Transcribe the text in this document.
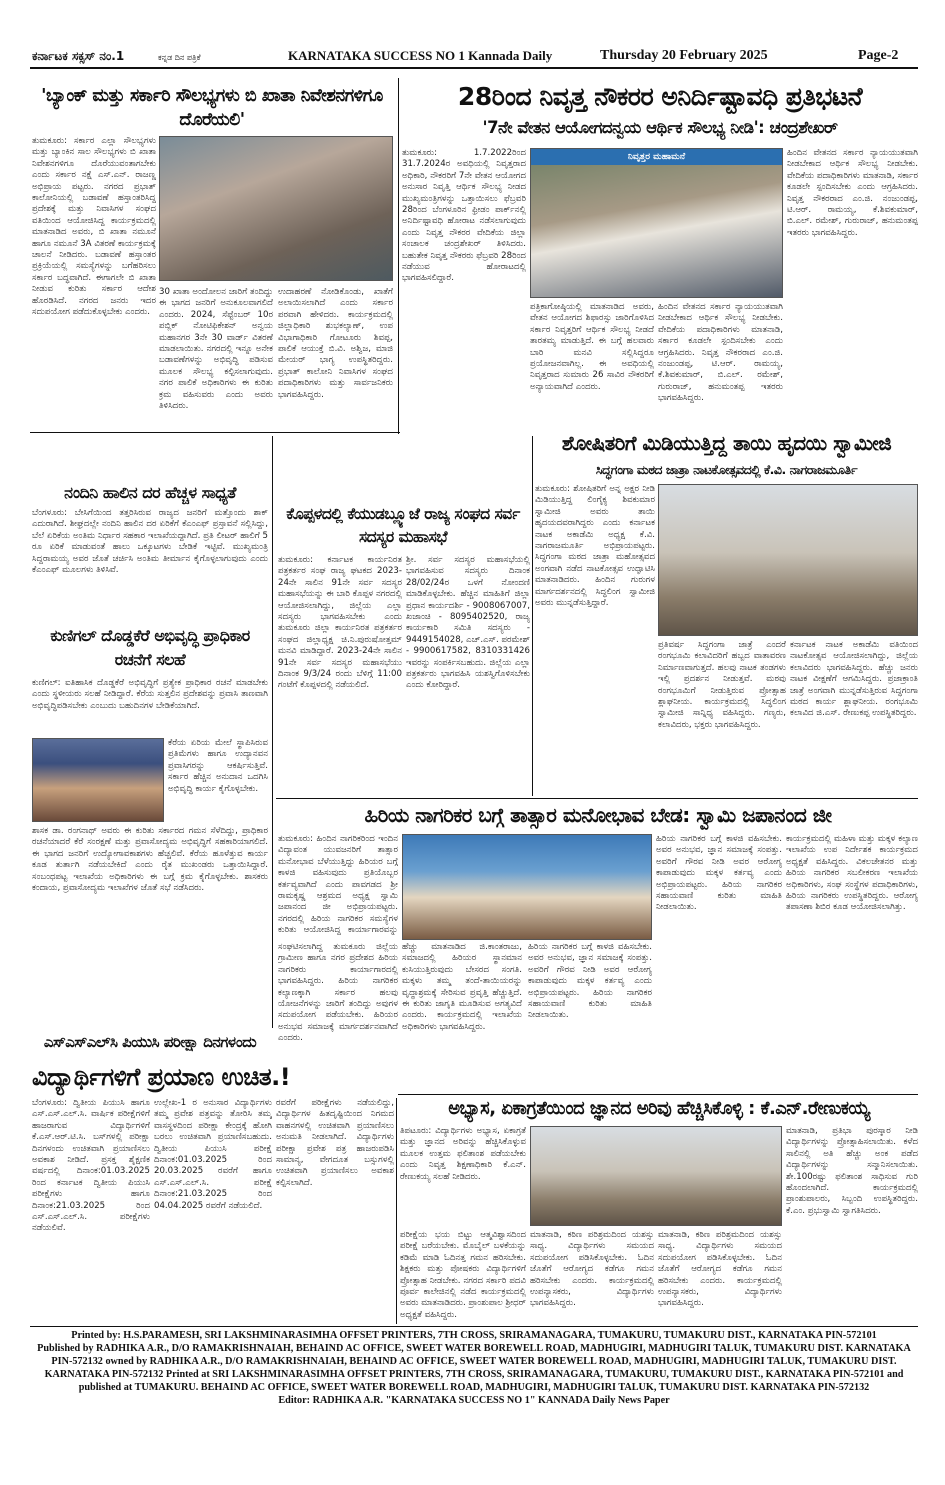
ಕರ್ನಾಟಕ ಸಕ್ಸಸ್ ನಂ.1	ಕನ್ನಡ ದಿನ ಪತ್ರಿಕೆ	KARNATAKA SUCCESS NO 1 Kannada Daily	Thursday 20 February 2025	Page-2
'ಬ್ಯಾಂಕ್ ಮತ್ತು ಸರ್ಕಾರಿ ಸೌಲಭ್ಯಗಳು ಬಿ ಖಾತಾ ನಿವೇಶನಗಳಿಗೂ ದೊರೆಯಲಿ'
ತುಮಕೂರು: ಸರ್ಕಾರ ಎಲ್ಲಾ ಸೌಲಭ್ಯಗಳು ಮತ್ತು ಬ್ಯಾಂಕಿನ ಸಾಲ ಸೌಲಭ್ಯಗಳು ಬಿ ಖಾತಾ ನಿವೇಶನಗಳಿಗೂ ದೊರೆಯುವಂತಾಗಬೇಕು ಎಂದು ಸರ್ಕಾರ ನಕ್ಷೆ ಎಸ್.ಎನ್. ರಾಜಣ್ಣ ಅಭಿಪ್ರಾಯ ಪಟ್ಟರು. ನಗರದ ಪ್ರಭಾತ್ ಕಾಲೋನಿಯಲ್ಲಿ ಬಡಾವಣೆ ಹಸ್ತಾಂತರಿಸಿದ್ದ ಪ್ರದೇಶಕ್ಕೆ ಮತ್ತು ನಿವಾಸಿಗಳ ಸಂಘದ ವತಿಯಿಂದ ಆಯೋಜಿಸಿದ್ದ ಕಾರ್ಯಕ್ರಮದಲ್ಲಿ ಮಾತನಾಡಿದ ಅವರು, ಬಿ ಖಾತಾ ನಮೂನೆ ಹಾಗೂ ನಮೂನೆ 3A ವಿತರಣೆ ಕಾರ್ಯಕ್ರಮಕ್ಕೆ ಚಾಲನೆ ನೀಡಿದರು. ಬಡಾವಣೆ ಹಸ್ತಾಂತರ ಪ್ರಕ್ರಿಯೆಯಲ್ಲಿ ಸಮಸ್ಯೆಗಳನ್ನು ಬಗೆಹರಿಸಲು ಸರ್ಕಾರ ಬದ್ಧವಾಗಿದೆ. ಈಗಾಗಲೇ ಬಿ ಖಾತಾ ನೀಡುವ ಕುರಿತು ಸರ್ಕಾರ ಆದೇಶ ಹೊರಡಿಸಿದೆ. ನಗರದ ಜನರು ಇದರ ಸದುಪಯೋಗ ಪಡೆದುಕೊಳ್ಳಬೇಕು ಎಂದರು.
30 ಖಾತಾ ಅಂದೋಲನ ಜಾರಿಗೆ ತಂದಿದ್ದು ಈ ಭಾಗದ ಜನರಿಗೆ ಅನುಕೂಲವಾಗಲಿದೆ ಎಂದರು. 2024, ಸೆಪ್ಟೆಂಬರ್ 10ರ ಪಬ್ಲಿಕ್ ನೋಟಿಫಿಕೇಶನ್ ಅನ್ವಯ ಮಹಾನಗರ 3ನೇ 30 ವಾರ್ಡ್ ವಿತರಣೆ ಮಾಡಲಾಯಿತು. ನಗರದಲ್ಲಿ ಇನ್ನೂ ಅನೇಕ ಬಡಾವಣೆಗಳನ್ನು ಅಭಿವೃದ್ಧಿ ಪಡಿಸುವ ಮೂಲಕ ಸೌಲಭ್ಯ ಕಲ್ಪಿಸಲಾಗುವುದು. ನಗರ ಪಾಲಿಕೆ ಅಧಿಕಾರಿಗಳು ಈ ಕುರಿತು ಕ್ರಮ ವಹಿಸುವರು ಎಂದು ಅವರು ತಿಳಿಸಿದರು.
ಉದಾಹರಣೆ ನೋಡಿಕೊಂಡು, ಖಾತೆಗೆ ಅಲಾಯಿಸಲಾಗಿದೆ ಎಂದು ಸರ್ಕಾರ ಪರವಾಗಿ ಹೇಳಿದರು. ಕಾರ್ಯಕ್ರಮದಲ್ಲಿ ಜಿಲ್ಲಾಧಿಕಾರಿ ಶುಭಕಲ್ಯಾಣ್, ಉಪ ವಿಭಾಗಾಧಿಕಾರಿ ಗೋಟೂರು ಶಿವಪ್ಪ, ಪಾಲಿಕೆ ಆಯುಕ್ತೆ ಬಿ.ವಿ. ಅಶ್ವಿಜ, ಮಾಜಿ ಮೇಯರ್ ಭಾಗ್ಯ ಉಪಸ್ಥಿತರಿದ್ದರು. ಪ್ರಭಾತ್ ಕಾಲೋನಿ ನಿವಾಸಿಗಳ ಸಂಘದ ಪದಾಧಿಕಾರಿಗಳು ಮತ್ತು ಸಾರ್ವಜನಿಕರು ಭಾಗವಹಿಸಿದ್ದರು.
28ರಿಂದ ನಿವೃತ್ತ ನೌಕರರ ಅನಿರ್ದಿಷ್ಟಾವಧಿ ಪ್ರತಿಭಟನೆ
'7ನೇ ವೇತನ ಆಯೋಗದನ್ವಯ ಆರ್ಥಿಕ ಸೌಲಭ್ಯ ನೀಡಿ': ಚಂದ್ರಶೇಖರ್
ತುಮಕೂರು: 1.7.2022ರಿಂದ 31.7.2024ರ ಅವಧಿಯಲ್ಲಿ ನಿವೃತ್ತರಾದ ಅಧಿಕಾರಿ, ನೌಕರರಿಗೆ 7ನೇ ವೇತನ ಆಯೋಗದ ಅನುಸಾರ ನಿವೃತ್ತಿ ಆರ್ಥಿಕ ಸೌಲಭ್ಯ ನೀಡದ ಮುಖ್ಯಮಂತ್ರಿಗಳನ್ನು ಒತ್ತಾಯಿಸಲು ಫೆಬ್ರವರಿ 28ರಿಂದ ಬೆಂಗಳೂರಿನ ಫ್ರೀಡಂ ಪಾರ್ಕ್‌ನಲ್ಲಿ ಅನಿರ್ದಿಷ್ಟಾವಧಿ ಹೋರಾಟ ನಡೆಸಲಾಗುವುದು ಎಂದು ನಿವೃತ್ತ ನೌಕರರ ವೇದಿಕೆಯ ಜಿಲ್ಲಾ ಸಂಚಾಲಕ ಚಂದ್ರಶೇಖರ್ ತಿಳಿಸಿದರು. ಬಹುತೇಕ ನಿವೃತ್ತ ನೌಕರರು ಫೆಬ್ರವರಿ 28ರಿಂದ ನಡೆಯುವ ಹೋರಾಟದಲ್ಲಿ ಭಾಗವಹಿಸಲಿದ್ದಾರೆ.
ನಿವೃತ್ತರ ಮಹಾಮನೆ
ಪತ್ರಿಕಾಗೋಷ್ಠಿಯಲ್ಲಿ ಮಾತನಾಡಿದ ಅವರು, ವೇತನ ಆಯೋಗದ ಶಿಫಾರಸ್ಸು ಜಾರಿಗೊಳಿಸಿದ ಸರ್ಕಾರ ನಿವೃತ್ತರಿಗೆ ಆರ್ಥಿಕ ಸೌಲಭ್ಯ ನೀಡದೆ ತಾರತಮ್ಯ ಮಾಡುತ್ತಿದೆ. ಈ ಬಗ್ಗೆ ಹಲವಾರು ಬಾರಿ ಮನವಿ ಸಲ್ಲಿಸಿದ್ದರೂ ಪ್ರಯೋಜನವಾಗಿಲ್ಲ. ಈ ಅವಧಿಯಲ್ಲಿ ನಿವೃತ್ತರಾದ ಸುಮಾರು 26 ಸಾವಿರ ನೌಕರರಿಗೆ ಅನ್ಯಾಯವಾಗಿದೆ ಎಂದರು.
ಹಿಂದಿನ ವೇತನದ ಸರ್ಕಾರ ನ್ಯಾಯಯುತವಾಗಿ ನೀಡಬೇಕಾದ ಆರ್ಥಿಕ ಸೌಲಭ್ಯ ನೀಡಬೇಕು. ವೇದಿಕೆಯ ಪದಾಧಿಕಾರಿಗಳು ಮಾತನಾಡಿ, ಸರ್ಕಾರ ಕೂಡಲೇ ಸ್ಪಂದಿಸಬೇಕು ಎಂದು ಆಗ್ರಹಿಸಿದರು. ನಿವೃತ್ತ ನೌಕರರಾದ ಎಂ.ಜಿ. ನಂಜುಂಡಪ್ಪ, ಟಿ.ಆರ್. ರಾಮಯ್ಯ, ಕೆ.ಶಿವಕುಮಾರ್, ಬಿ.ಎಲ್. ರಮೇಶ್, ಗುರುರಾಜ್, ಹನುಮಂತಪ್ಪ ಇತರರು ಭಾಗವಹಿಸಿದ್ದರು.
ಹಿಂದಿನ ವೇತನದ ಸರ್ಕಾರ ನ್ಯಾಯಯುತವಾಗಿ ನೀಡಬೇಕಾದ ಆರ್ಥಿಕ ಸೌಲಭ್ಯ ನೀಡಬೇಕು. ವೇದಿಕೆಯ ಪದಾಧಿಕಾರಿಗಳು ಮಾತನಾಡಿ, ಸರ್ಕಾರ ಕೂಡಲೇ ಸ್ಪಂದಿಸಬೇಕು ಎಂದು ಆಗ್ರಹಿಸಿದರು. ನಿವೃತ್ತ ನೌಕರರಾದ ಎಂ.ಜಿ. ನಂಜುಂಡಪ್ಪ, ಟಿ.ಆರ್. ರಾಮಯ್ಯ, ಕೆ.ಶಿವಕುಮಾರ್, ಬಿ.ಎಲ್. ರಮೇಶ್, ಗುರುರಾಜ್, ಹನುಮಂತಪ್ಪ ಇತರರು ಭಾಗವಹಿಸಿದ್ದರು.
ನಂದಿನಿ ಹಾಲಿನ ದರ ಹೆಚ್ಚಳ ಸಾಧ್ಯತೆ
ಬೆಂಗಳೂರು: ಬೇಸಿಗೆಯಿಂದ ತತ್ತರಿಸಿರುವ ರಾಜ್ಯದ ಜನರಿಗೆ ಮತ್ತೊಂದು ಶಾಕ್ ಎದುರಾಗಿದೆ. ಶೀಘ್ರದಲ್ಲೇ ನಂದಿನಿ ಹಾಲಿನ ದರ ಏರಿಕೆಗೆ ಕೆಎಂಎಫ್ ಪ್ರಸ್ತಾವನೆ ಸಲ್ಲಿಸಿದ್ದು, ಬೆಲೆ ಏರಿಕೆಯ ಅಂತಿಮ ನಿರ್ಧಾರ ಸಹಕಾರ ಇಲಾಖೆಯದ್ದಾಗಿದೆ. ಪ್ರತಿ ಲೀಟರ್ ಹಾಲಿಗೆ 5 ರೂ ಏರಿಕೆ ಮಾಡುವಂತೆ ಹಾಲು ಒಕ್ಕೂಟಗಳು ಬೇಡಿಕೆ ಇಟ್ಟಿವೆ. ಮುಖ್ಯಮಂತ್ರಿ ಸಿದ್ದರಾಮಯ್ಯ ಅವರ ಜೊತೆ ಚರ್ಚಿಸಿ ಅಂತಿಮ ತೀರ್ಮಾನ ಕೈಗೊಳ್ಳಲಾಗುವುದು ಎಂದು ಕೆಎಂಎಫ್ ಮೂಲಗಳು ತಿಳಿಸಿವೆ.
ಕುಣಿಗಲ್ ದೊಡ್ಡಕೆರೆ ಅಭಿವೃದ್ಧಿ ಪ್ರಾಧಿಕಾರ ರಚನೆಗೆ ಸಲಹೆ
ಕುಣಿಗಲ್: ಐತಿಹಾಸಿಕ ದೊಡ್ಡಕೆರೆ ಅಭಿವೃದ್ಧಿಗೆ ಪ್ರತ್ಯೇಕ ಪ್ರಾಧಿಕಾರ ರಚನೆ ಮಾಡಬೇಕು ಎಂದು ಸ್ಥಳೀಯರು ಸಲಹೆ ನೀಡಿದ್ದಾರೆ. ಕೆರೆಯ ಸುತ್ತಲಿನ ಪ್ರದೇಶವನ್ನು ಪ್ರವಾಸಿ ತಾಣವಾಗಿ ಅಭಿವೃದ್ಧಿಪಡಿಸಬೇಕು ಎಂಬುದು ಬಹುದಿನಗಳ ಬೇಡಿಕೆಯಾಗಿದೆ.
ಕೆರೆಯ ಏರಿಯ ಮೇಲೆ ಸ್ಥಾಪಿಸಿರುವ ಪ್ರತಿಮೆಗಳು ಹಾಗೂ ಉದ್ಯಾನವನ ಪ್ರವಾಸಿಗರನ್ನು ಆಕರ್ಷಿಸುತ್ತಿವೆ. ಸರ್ಕಾರ ಹೆಚ್ಚಿನ ಅನುದಾನ ಒದಗಿಸಿ ಅಭಿವೃದ್ಧಿ ಕಾರ್ಯ ಕೈಗೊಳ್ಳಬೇಕು.
ಶಾಸಕ ಡಾ. ರಂಗನಾಥ್ ಅವರು ಈ ಕುರಿತು ಸರ್ಕಾರದ ಗಮನ ಸೆಳೆದಿದ್ದು, ಪ್ರಾಧಿಕಾರ ರಚನೆಯಾದರೆ ಕೆರೆ ಸಂರಕ್ಷಣೆ ಮತ್ತು ಪ್ರವಾಸೋದ್ಯಮ ಅಭಿವೃದ್ಧಿಗೆ ಸಹಕಾರಿಯಾಗಲಿದೆ. ಈ ಭಾಗದ ಜನರಿಗೆ ಉದ್ಯೋಗಾವಕಾಶಗಳು ಹೆಚ್ಚಲಿವೆ. ಕೆರೆಯ ಹೂಳೆತ್ತುವ ಕಾರ್ಯ ಕೂಡ ತುರ್ತಾಗಿ ನಡೆಯಬೇಕಿದೆ ಎಂದು ರೈತ ಮುಖಂಡರು ಒತ್ತಾಯಿಸಿದ್ದಾರೆ. ಸಂಬಂಧಪಟ್ಟ ಇಲಾಖೆಯ ಅಧಿಕಾರಿಗಳು ಈ ಬಗ್ಗೆ ಕ್ರಮ ಕೈಗೊಳ್ಳಬೇಕು. ಶಾಸಕರು ಕಂದಾಯ, ಪ್ರವಾಸೋದ್ಯಮ ಇಲಾಖೆಗಳ ಜೊತೆ ಸಭೆ ನಡೆಸಿದರು.
ಎಸ್‌ಎಸ್‌ಎಲ್‌ಸಿ ಪಿಯುಸಿ ಪರೀಕ್ಷಾ ದಿನಗಳಂದು
ವಿದ್ಯಾರ್ಥಿಗಳಿಗೆ ಪ್ರಯಾಣ ಉಚಿತ.!
ಬೆಂಗಳೂರು: ದ್ವಿತೀಯ ಪಿಯುಸಿ ಹಾಗೂ ಎಸ್.ಎಸ್.ಎಲ್.ಸಿ. ವಾರ್ಷಿಕ ಪರೀಕ್ಷೆಗಳಿಗೆ ಹಾಜರಾಗುವ ವಿದ್ಯಾರ್ಥಿಗಳಿಗೆ ಕೆ.ಎಸ್.ಆರ್.ಟಿ.ಸಿ. ಬಸ್‌ಗಳಲ್ಲಿ ಪರೀಕ್ಷಾ ದಿನಗಳಂದು ಉಚಿತವಾಗಿ ಪ್ರಯಾಣಿಸಲು ಅವಕಾಶ ನೀಡಿದೆ. ಪ್ರಸಕ್ತ ಶೈಕ್ಷಣಿಕ ವರ್ಷದಲ್ಲಿ ದಿನಾಂಕ:01.03.2025 ರಿಂದ ಕರ್ನಾಟಕ ದ್ವಿತೀಯ ಪಿಯುಸಿ ಪರೀಕ್ಷೆಗಳು ಹಾಗೂ ದಿನಾಂಕ:21.03.2025 ರಿಂದ ಎಸ್.ಎಸ್.ಎಲ್.ಸಿ. ಪರೀಕ್ಷೆಗಳು ನಡೆಯಲಿವೆ.
ಉಲ್ಲೇಖ-1 ರ ಅನುಸಾರ ವಿದ್ಯಾರ್ಥಿಗಳು ತಮ್ಮ ಪ್ರವೇಶ ಪತ್ರವನ್ನು ತೋರಿಸಿ ತಮ್ಮ ವಾಸಸ್ಥಳದಿಂದ ಪರೀಕ್ಷಾ ಕೇಂದ್ರಕ್ಕೆ ಹೋಗಿ ಬರಲು ಉಚಿತವಾಗಿ ಪ್ರಯಾಣಿಸಬಹುದು. ದ್ವಿತೀಯ ಪಿಯುಸಿ ಪರೀಕ್ಷೆ ದಿನಾಂಕ:01.03.2025 ರಿಂದ 20.03.2025 ರವರೆಗೆ ಹಾಗೂ ಎಸ್.ಎಸ್.ಎಲ್.ಸಿ. ಪರೀಕ್ಷೆ ದಿನಾಂಕ:21.03.2025 ರಿಂದ 04.04.2025 ರವರೆಗೆ ನಡೆಯಲಿದೆ.
ರವರೆಗೆ ಪರೀಕ್ಷೆಗಳು ನಡೆಯಲಿದ್ದು, ವಿದ್ಯಾರ್ಥಿಗಳ ಹಿತದೃಷ್ಟಿಯಿಂದ ನಿಗಮದ ವಾಹನಗಳಲ್ಲಿ ಉಚಿತವಾಗಿ ಪ್ರಯಾಣಿಸಲು ಅನುಮತಿ ನೀಡಲಾಗಿದೆ. ವಿದ್ಯಾರ್ಥಿಗಳು ಪರೀಕ್ಷಾ ಪ್ರವೇಶ ಪತ್ರ ಹಾಜರುಪಡಿಸಿ ಸಾಮಾನ್ಯ, ವೇಗದೂತ ಬಸ್ಸುಗಳಲ್ಲಿ ಉಚಿತವಾಗಿ ಪ್ರಯಾಣಿಸಲು ಅವಕಾಶ ಕಲ್ಪಿಸಲಾಗಿದೆ.
ಕೊಪ್ಪಳದಲ್ಲಿ ಕೆಯುಡಬ್ಲ್ಯೂಜೆ ರಾಜ್ಯ ಸಂಘದ ಸರ್ವ ಸದಸ್ಯರ ಮಹಾಸಭೆ
ತುಮಕೂರು: ಕರ್ನಾಟಕ ಕಾರ್ಯನಿರತ ಪತ್ರಕರ್ತರ ಸಂಘ ರಾಜ್ಯ ಘಟಕದ 2023-24ನೇ ಸಾಲಿನ 91ನೇ ಸರ್ವ ಸದಸ್ಯರ ಮಹಾಸಭೆಯನ್ನು ಈ ಬಾರಿ ಕೊಪ್ಪಳ ನಗರದಲ್ಲಿ ಆಯೋಜಿಸಲಾಗಿದ್ದು, ಜಿಲ್ಲೆಯ ಎಲ್ಲಾ ಸದಸ್ಯರು ಭಾಗವಹಿಸಬೇಕು ಎಂದು ತುಮಕೂರು ಜಿಲ್ಲಾ ಕಾರ್ಯನಿರತ ಪತ್ರಕರ್ತರ ಸಂಘದ ಜಿಲ್ಲಾಧ್ಯಕ್ಷ ಚಿ.ನಿ.ಪುರುಷೋತ್ತಮ್ ಮನವಿ ಮಾಡಿದ್ದಾರೆ. 2023-24ನೇ ಸಾಲಿನ 91ನೇ ಸರ್ವ ಸದಸ್ಯರ ಮಹಾಸಭೆಯು ದಿನಾಂಕ 9/3/24 ರಂದು ಬೆಳಿಗ್ಗೆ 11:00 ಗಂಟೆಗೆ ಕೊಪ್ಪಳದಲ್ಲಿ ನಡೆಯಲಿದೆ.
ಶ್ರೀ. ಸರ್ವ ಸದಸ್ಯರ ಮಹಾಸಭೆಯಲ್ಲಿ ಭಾಗವಹಿಸುವ ಸದಸ್ಯರು ದಿನಾಂಕ 28/02/24ರ ಒಳಗೆ ನೋಂದಣಿ ಮಾಡಿಕೊಳ್ಳಬೇಕು. ಹೆಚ್ಚಿನ ಮಾಹಿತಿಗೆ ಜಿಲ್ಲಾ ಪ್ರಧಾನ ಕಾರ್ಯದರ್ಶಿ - 9008067007, ಖಜಾಂಚಿ - 8095402520, ರಾಜ್ಯ ಕಾರ್ಯಕಾರಿ ಸಮಿತಿ ಸದಸ್ಯರು - 9449154028, ಎಚ್.ಎಸ್. ಪರಮೇಶ್ - 9900617582, 8310331426 ಇವರನ್ನು ಸಂಪರ್ಕಿಸಬಹುದು. ಜಿಲ್ಲೆಯ ಎಲ್ಲಾ ಪತ್ರಕರ್ತರು ಭಾಗವಹಿಸಿ ಯಶಸ್ವಿಗೊಳಿಸಬೇಕು ಎಂದು ಕೋರಿದ್ದಾರೆ.
ಶೋಷಿತರಿಗೆ ಮಿಡಿಯುತ್ತಿದ್ದ ತಾಯಿ ಹೃದಯಿ ಸ್ವಾಮೀಜಿ
ಸಿದ್ಧಗಂಗಾ ಮಠದ ಜಾತ್ರಾ ನಾಟಕೋತ್ಸವದಲ್ಲಿ ಕೆ.ವಿ. ನಾಗರಾಜಮೂರ್ತಿ
ತುಮಕೂರು: ಶೋಷಿತರಿಗೆ ಅನ್ನ ಅಕ್ಷರ ನೀಡಿ ಮಿಡಿಯುತ್ತಿದ್ದ ಲಿಂಗೈಕ್ಯ ಶಿವಕುಮಾರ ಸ್ವಾಮೀಜಿ ಅವರು ತಾಯಿ ಹೃದಯದವರಾಗಿದ್ದರು ಎಂದು ಕರ್ನಾಟಕ ನಾಟಕ ಅಕಾಡೆಮಿ ಅಧ್ಯಕ್ಷ ಕೆ.ವಿ. ನಾಗರಾಜಮೂರ್ತಿ ಅಭಿಪ್ರಾಯಪಟ್ಟರು. ಸಿದ್ಧಗಂಗಾ ಮಠದ ಜಾತ್ರಾ ಮಹೋತ್ಸವದ ಅಂಗವಾಗಿ ನಡೆದ ನಾಟಕೋತ್ಸವ ಉದ್ಘಾಟಿಸಿ ಮಾತನಾಡಿದರು. ಹಿಂದಿನ ಗುರುಗಳ ಮಾರ್ಗದರ್ಶನದಲ್ಲಿ ಸಿದ್ಧಲಿಂಗ ಸ್ವಾಮೀಜಿ ಅವರು ಮುನ್ನಡೆಸುತ್ತಿದ್ದಾರೆ.
ಪ್ರತಿವರ್ಷ ಸಿದ್ಧಗಂಗಾ ಜಾತ್ರೆ ಎಂದರೆ ರಂಗಭೂಮಿ ಕಲಾವಿದರಿಗೆ ಹಬ್ಬದ ವಾತಾವರಣ ನಿರ್ಮಾಣವಾಗುತ್ತದೆ. ಹಲವು ನಾಟಕ ತಂಡಗಳು ಇಲ್ಲಿ ಪ್ರದರ್ಶನ ನೀಡುತ್ತವೆ. ಮಠವು ರಂಗಭೂಮಿಗೆ ನೀಡುತ್ತಿರುವ ಪ್ರೋತ್ಸಾಹ ಶ್ಲಾಘನೀಯ. ಕಾರ್ಯಕ್ರಮದಲ್ಲಿ ಸಿದ್ಧಲಿಂಗ ಸ್ವಾಮೀಜಿ ಸಾನ್ನಿಧ್ಯ ವಹಿಸಿದ್ದರು. ಗಣ್ಯರು, ಕಲಾವಿದರು, ಭಕ್ತರು ಭಾಗವಹಿಸಿದ್ದರು.
ಕರ್ನಾಟಕ ನಾಟಕ ಅಕಾಡೆಮಿ ವತಿಯಿಂದ ನಾಟಕೋತ್ಸವ ಆಯೋಜಿಸಲಾಗಿದ್ದು, ಜಿಲ್ಲೆಯ ಕಲಾವಿದರು ಭಾಗವಹಿಸಿದ್ದರು. ಹೆಚ್ಚು ಜನರು ನಾಟಕ ವೀಕ್ಷಣೆಗೆ ಆಗಮಿಸಿದ್ದರು. ಪ್ರಜಾಕ್ರಾಂತಿ ಜಾತ್ರೆ ಅಂಗವಾಗಿ ಮುನ್ನಡೆಸುತ್ತಿರುವ ಸಿದ್ಧಗಂಗಾ ಮಠದ ಕಾರ್ಯ ಶ್ಲಾಘನೀಯ. ರಂಗಭೂಮಿ ಕಲಾವಿದ ಜಿ.ಎಸ್. ರೇಣುಕಪ್ಪ ಉಪಸ್ಥಿತರಿದ್ದರು.
ಹಿರಿಯ ನಾಗರಿಕರ ಬಗ್ಗೆ ತಾತ್ಸಾರ ಮನೋಭಾವ ಬೇಡ: ಸ್ವಾಮಿ ಜಪಾನಂದ ಜೀ
ತುಮಕೂರು: ಹಿಂದಿನ ನಾಗರಿಕರಿಂದ ಇಂದಿನ ವಿದ್ಯಾವಂತ ಯುವಜನರಿಗೆ ತಾತ್ಸಾರ ಮನೋಭಾವ ಬೆಳೆಯುತ್ತಿದ್ದು ಹಿರಿಯರ ಬಗ್ಗೆ ಕಾಳಜಿ ವಹಿಸುವುದು ಪ್ರತಿಯೊಬ್ಬರ ಕರ್ತವ್ಯವಾಗಿದೆ ಎಂದು ಪಾವಗಡದ ಶ್ರೀ ರಾಮಕೃಷ್ಣ ಆಶ್ರಮದ ಅಧ್ಯಕ್ಷ ಸ್ವಾಮಿ ಜಪಾನಂದ ಜೀ ಅಭಿಪ್ರಾಯಪಟ್ಟರು. ನಗರದಲ್ಲಿ ಹಿರಿಯ ನಾಗರಿಕರ ಸಮಸ್ಯೆಗಳ ಕುರಿತು ಆಯೋಜಿಸಿದ್ದ ಕಾರ್ಯಾಗಾರವನ್ನು
ಸಂಘಟಿಸಲಾಗಿದ್ದ ತುಮಕೂರು ಜಿಲ್ಲೆಯ ಗ್ರಾಮೀಣ ಹಾಗೂ ನಗರ ಪ್ರದೇಶದ ಹಿರಿಯ ನಾಗರಿಕರು ಕಾರ್ಯಾಗಾರದಲ್ಲಿ ಭಾಗವಹಿಸಿದ್ದರು. ಹಿರಿಯ ನಾಗರಿಕರ ಕಲ್ಯಾಣಕ್ಕಾಗಿ ಸರ್ಕಾರ ಹಲವು ಯೋಜನೆಗಳನ್ನು ಜಾರಿಗೆ ತಂದಿದ್ದು ಅವುಗಳ ಸದುಪಯೋಗ ಪಡೆಯಬೇಕು. ಹಿರಿಯರ ಅನುಭವ ಸಮಾಜಕ್ಕೆ ಮಾರ್ಗದರ್ಶನವಾಗಿದೆ ಎಂದರು.
ಹೆಚ್ಚು ಮಾತನಾಡಿದ ಜಿ.ಕಾಂತರಾಜು, ಸಮಾಜದಲ್ಲಿ ಹಿರಿಯರ ಸ್ಥಾನಮಾನ ಕುಸಿಯುತ್ತಿರುವುದು ಬೇಸರದ ಸಂಗತಿ. ಮಕ್ಕಳು ತಮ್ಮ ತಂದೆ-ತಾಯಿಯರನ್ನು ವೃದ್ಧಾಶ್ರಮಕ್ಕೆ ಸೇರಿಸುವ ಪ್ರವೃತ್ತಿ ಹೆಚ್ಚುತ್ತಿದೆ. ಈ ಕುರಿತು ಜಾಗೃತಿ ಮೂಡಿಸುವ ಅಗತ್ಯವಿದೆ ಎಂದರು. ಕಾರ್ಯಕ್ರಮದಲ್ಲಿ ಇಲಾಖೆಯ ಅಧಿಕಾರಿಗಳು ಭಾಗವಹಿಸಿದ್ದರು.
ಹಿರಿಯ ನಾಗರಿಕರ ಬಗ್ಗೆ ಕಾಳಜಿ ವಹಿಸಬೇಕು. ಅವರ ಅನುಭವ, ಜ್ಞಾನ ಸಮಾಜಕ್ಕೆ ಸಂಪತ್ತು. ಅವರಿಗೆ ಗೌರವ ನೀಡಿ ಅವರ ಆರೋಗ್ಯ ಕಾಪಾಡುವುದು ಮಕ್ಕಳ ಕರ್ತವ್ಯ ಎಂದು ಅಭಿಪ್ರಾಯಪಟ್ಟರು. ಹಿರಿಯ ನಾಗರಿಕರ ಸಹಾಯವಾಣಿ ಕುರಿತು ಮಾಹಿತಿ ನೀಡಲಾಯಿತು.
ಹಿರಿಯ ನಾಗರಿಕರ ಬಗ್ಗೆ ಕಾಳಜಿ ವಹಿಸಬೇಕು. ಅವರ ಅನುಭವ, ಜ್ಞಾನ ಸಮಾಜಕ್ಕೆ ಸಂಪತ್ತು. ಅವರಿಗೆ ಗೌರವ ನೀಡಿ ಅವರ ಆರೋಗ್ಯ ಕಾಪಾಡುವುದು ಮಕ್ಕಳ ಕರ್ತವ್ಯ ಎಂದು ಅಭಿಪ್ರಾಯಪಟ್ಟರು. ಹಿರಿಯ ನಾಗರಿಕರ ಸಹಾಯವಾಣಿ ಕುರಿತು ಮಾಹಿತಿ ನೀಡಲಾಯಿತು.
ಕಾರ್ಯಕ್ರಮದಲ್ಲಿ ಮಹಿಳಾ ಮತ್ತು ಮಕ್ಕಳ ಕಲ್ಯಾಣ ಇಲಾಖೆಯ ಉಪ ನಿರ್ದೇಶಕ ಕಾರ್ಯಕ್ರಮದ ಅಧ್ಯಕ್ಷತೆ ವಹಿಸಿದ್ದರು. ವಿಕಲಚೇತನರ ಮತ್ತು ಹಿರಿಯ ನಾಗರಿಕರ ಸಬಲೀಕರಣ ಇಲಾಖೆಯ ಅಧಿಕಾರಿಗಳು, ಸಂಘ ಸಂಸ್ಥೆಗಳ ಪದಾಧಿಕಾರಿಗಳು, ಹಿರಿಯ ನಾಗರಿಕರು ಉಪಸ್ಥಿತರಿದ್ದರು. ಆರೋಗ್ಯ ತಪಾಸಣಾ ಶಿಬಿರ ಕೂಡ ಆಯೋಜಿಸಲಾಗಿತ್ತು.
ಅಭ್ಯಾಸ, ಏಕಾಗ್ರತೆಯಿಂದ ಜ್ಞಾನದ ಅರಿವು ಹೆಚ್ಚಿಸಿಕೊಳ್ಳಿ : ಕೆ.ಎನ್.ರೇಣುಕಯ್ಯ
ತಿಪಟೂರು: ವಿದ್ಯಾರ್ಥಿಗಳು ಅಭ್ಯಾಸ, ಏಕಾಗ್ರತೆ ಮತ್ತು ಜ್ಞಾನದ ಅರಿವನ್ನು ಹೆಚ್ಚಿಸಿಕೊಳ್ಳುವ ಮೂಲಕ ಉತ್ತಮ ಫಲಿತಾಂಶ ಪಡೆಯಬೇಕು ಎಂದು ನಿವೃತ್ತ ಶಿಕ್ಷಣಾಧಿಕಾರಿ ಕೆ.ಎನ್. ರೇಣುಕಯ್ಯ ಸಲಹೆ ನೀಡಿದರು.
ಪರೀಕ್ಷೆಯ ಭಯ ಬಿಟ್ಟು ಆತ್ಮವಿಶ್ವಾಸದಿಂದ ಪರೀಕ್ಷೆ ಬರೆಯಬೇಕು. ಮೊಬೈಲ್ ಬಳಕೆಯನ್ನು ಕಡಿಮೆ ಮಾಡಿ ಓದಿನತ್ತ ಗಮನ ಹರಿಸಬೇಕು. ಶಿಕ್ಷಕರು ಮತ್ತು ಪೋಷಕರು ವಿದ್ಯಾರ್ಥಿಗಳಿಗೆ ಪ್ರೋತ್ಸಾಹ ನೀಡಬೇಕು. ನಗರದ ಸರ್ಕಾರಿ ಪದವಿ ಪೂರ್ವ ಕಾಲೇಜಿನಲ್ಲಿ ನಡೆದ ಕಾರ್ಯಕ್ರಮದಲ್ಲಿ ಅವರು ಮಾತನಾಡಿದರು. ಪ್ರಾಂಶುಪಾಲ ಶ್ರೀಧರ್ ಅಧ್ಯಕ್ಷತೆ ವಹಿಸಿದ್ದರು.
ಮಾತನಾಡಿ, ಕಠಿಣ ಪರಿಶ್ರಮದಿಂದ ಯಶಸ್ಸು ಸಾಧ್ಯ. ವಿದ್ಯಾರ್ಥಿಗಳು ಸಮಯದ ಸದುಪಯೋಗ ಪಡಿಸಿಕೊಳ್ಳಬೇಕು. ಓದಿನ ಜೊತೆಗೆ ಆರೋಗ್ಯದ ಕಡೆಗೂ ಗಮನ ಹರಿಸಬೇಕು ಎಂದರು. ಕಾರ್ಯಕ್ರಮದಲ್ಲಿ ಉಪನ್ಯಾಸಕರು, ವಿದ್ಯಾರ್ಥಿಗಳು ಭಾಗವಹಿಸಿದ್ದರು.
ಮಾತನಾಡಿ, ಕಠಿಣ ಪರಿಶ್ರಮದಿಂದ ಯಶಸ್ಸು ಸಾಧ್ಯ. ವಿದ್ಯಾರ್ಥಿಗಳು ಸಮಯದ ಸದುಪಯೋಗ ಪಡಿಸಿಕೊಳ್ಳಬೇಕು. ಓದಿನ ಜೊತೆಗೆ ಆರೋಗ್ಯದ ಕಡೆಗೂ ಗಮನ ಹರಿಸಬೇಕು ಎಂದರು. ಕಾರ್ಯಕ್ರಮದಲ್ಲಿ ಉಪನ್ಯಾಸಕರು, ವಿದ್ಯಾರ್ಥಿಗಳು ಭಾಗವಹಿಸಿದ್ದರು.
ಮಾತನಾಡಿ, ಪ್ರತಿಭಾ ಪುರಸ್ಕಾರ ನೀಡಿ ವಿದ್ಯಾರ್ಥಿಗಳನ್ನು ಪ್ರೋತ್ಸಾಹಿಸಲಾಯಿತು. ಕಳೆದ ಸಾಲಿನಲ್ಲಿ ಅತಿ ಹೆಚ್ಚು ಅಂಕ ಪಡೆದ ವಿದ್ಯಾರ್ಥಿಗಳನ್ನು ಸನ್ಮಾನಿಸಲಾಯಿತು. ಶೇ.100ರಷ್ಟು ಫಲಿತಾಂಶ ಸಾಧಿಸುವ ಗುರಿ ಹೊಂದಲಾಗಿದೆ. ಕಾರ್ಯಕ್ರಮದಲ್ಲಿ ಪ್ರಾಂಶುಪಾಲರು, ಸಿಬ್ಬಂದಿ ಉಪಸ್ಥಿತರಿದ್ದರು. ಕೆ.ಎಂ. ಪ್ರಭುಸ್ವಾಮಿ ಸ್ವಾಗತಿಸಿದರು.
Printed by: H.S.PARAMESH, SRI LAKSHMINARASIMHA OFFSET PRINTERS, 7TH CROSS, SRIRAMANAGARA, TUMAKURU, TUMAKURU DIST., KARNATAKA PIN-572101
Published by RADHIKA A.R., D/O RAMAKRISHNAIAH, BEHAIND AC OFFICE, SWEET WATER BOREWELL ROAD, MADHUGIRI, MADHUGIRI TALUK, TUMAKURU DIST. KARNATAKA
PIN-572132 owned by RADHIKA A.R., D/O RAMAKRISHNAIAH, BEHAIND AC OFFICE, SWEET WATER BOREWELL ROAD, MADHUGIRI, MADHUGIRI TALUK, TUMAKURU DIST.
KARNATAKA PIN-572132 Printed at SRI LAKSHMINARASIMHA OFFSET PRINTERS, 7TH CROSS, SRIRAMANAGARA, TUMAKURU, TUMAKURU DIST., KARNATAKA PIN-572101 and
published at TUMAKURU. BEHAIND AC OFFICE, SWEET WATER BOREWELL ROAD, MADHUGIRI, MADHUGIRI TALUK, TUMAKURU DIST. KARNATAKA PIN-572132
Editor: RADHIKA A.R. "KARNATAKA SUCCESS NO 1" KANNADA Daily News Paper
